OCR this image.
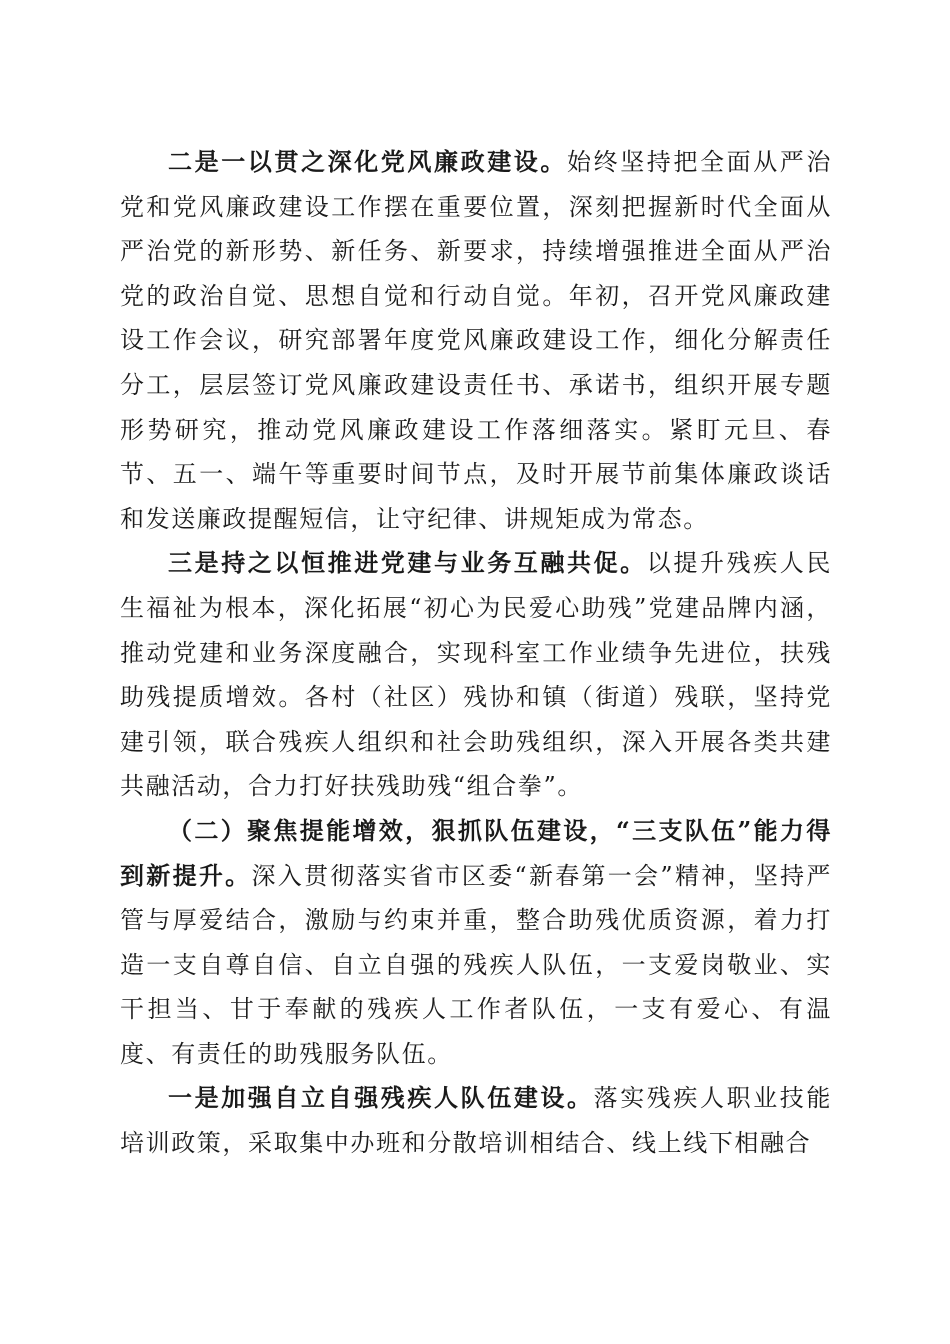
二是一以贯之深化党风廉政建设。始终坚持把全面从严治党和党风廉政建设工作摆在重要位置，深刻把握新时代全面从严治党的新形势、新任务、新要求，持续增强推进全面从严治党的政治自觉、思想自觉和行动自觉。年初，召开党风廉政建设工作会议，研究部署年度党风廉政建设工作，细化分解责任分工，层层签订党风廉政建设责任书、承诺书，组织开展专题形势研究，推动党风廉政建设工作落细落实。紧盯元旦、春节、五一、端午等重要时间节点，及时开展节前集体廉政谈话和发送廉政提醒短信，让守纪律、讲规矩成为常态。

三是持之以恒推进党建与业务互融共促。以提升残疾人民生福祉为根本，深化拓展“初心为民爱心助残”党建品牌内涵，推动党建和业务深度融合，实现科室工作业绩争先进位，扶残助残提质增效。各村（社区）残协和镇（街道）残联，坚持党建引领，联合残疾人组织和社会助残组织，深入开展各类共建共融活动，合力打好扶残助残“组合拳”。

（二）聚焦提能增效，狠抓队伍建设，“三支队伍”能力得到新提升。深入贯彻落实省市区委“新春第一会”精神，坚持严管与厚爱结合，激励与约束并重，整合助残优质资源，着力打造一支自尊自信、自立自强的残疾人队伍，一支爱岗敬业、实干担当、甘于奉献的残疾人工作者队伍，一支有爱心、有温度、有责任的助残服务队伍。

一是加强自立自强残疾人队伍建设。落实残疾人职业技能培训政策，采取集中办班和分散培训相结合、线上线下相融合
